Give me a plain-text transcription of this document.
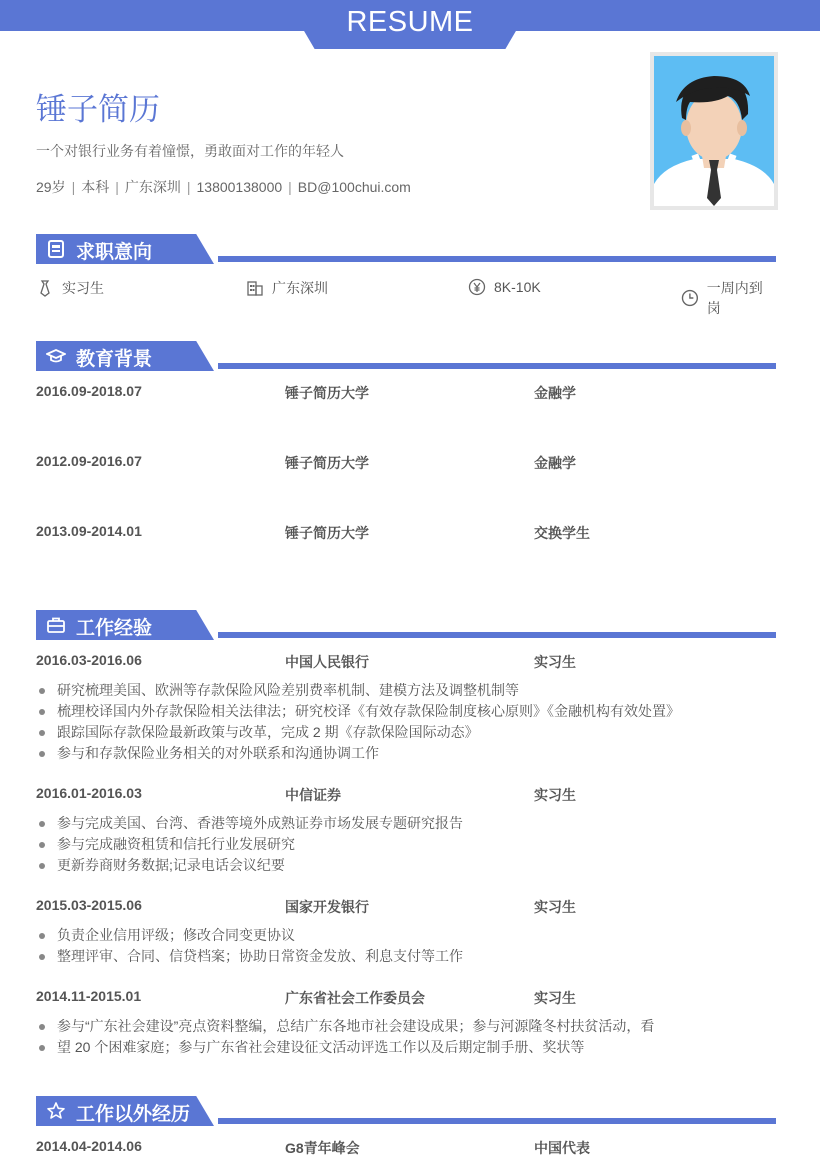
RESUME
锤子简历
一个对银行业务有着憧憬，勇敢面对工作的年轻人
29岁 | 本科 | 广东深圳 | 13800138000 | BD@100chui.com
求职意向
实习生	广东深圳	8K-10K	一周内到岗
教育背景
2016.09-2018.07	锤子简历大学	金融学
2012.09-2016.07	锤子简历大学	金融学
2013.09-2014.01	锤子简历大学	交换学生
工作经验
2016.03-2016.06	中国人民银行	实习生
研究梳理美国、欧洲等存款保险风险差别费率机制、建模方法及调整机制等
梳理校译国内外存款保险相关法律法；研究校译《有效存款保险制度核心原则》《金融机构有效处置》
跟踪国际存款保险最新政策与改革，完成 2 期《存款保险国际动态》
参与和存款保险业务相关的对外联系和沟通协调工作
2016.01-2016.03	中信证券	实习生
参与完成美国、台湾、香港等境外成熟证券市场发展专题研究报告
参与完成融资租赁和信托行业发展研究
更新券商财务数据;记录电话会议纪要
2015.03-2015.06	国家开发银行	实习生
负责企业信用评级；修改合同变更协议
整理评审、合同、信贷档案；协助日常资金发放、利息支付等工作
2014.11-2015.01	广东省社会工作委员会	实习生
参与“广东社会建设”亮点资料整编，总结广东各地市社会建设成果；参与河源隆冬村扶贫活动，看
望 20 个困难家庭；参与广东省社会建设征文活动评选工作以及后期定制手册、奖状等
工作以外经历
2014.04-2014.06	G8青年峰会	中国代表
